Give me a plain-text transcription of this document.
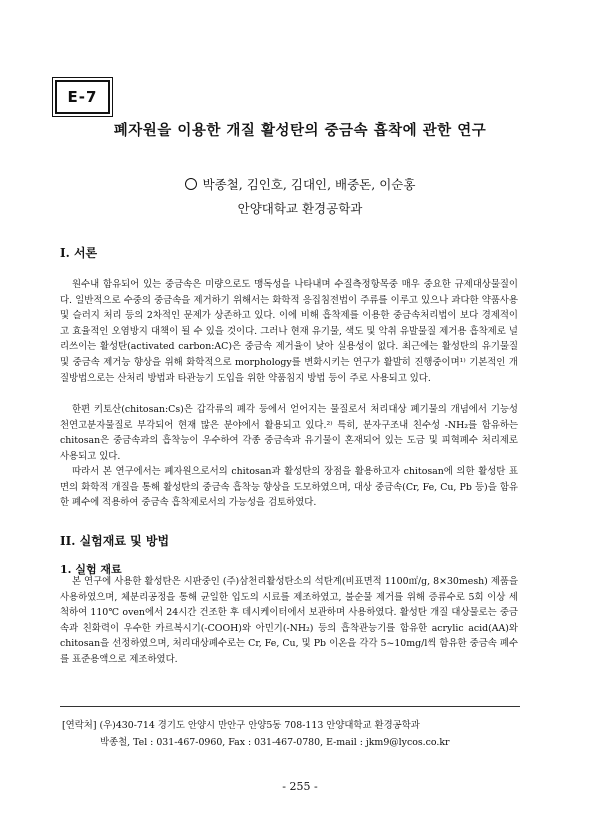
E-7
폐자원을 이용한 개질 활성탄의 중금속 흡착에 관한 연구
박종철, 김인호, 김대인, 배중돈, 이순홍
안양대학교 환경공학과
I. 서론

원수내 함유되어 있는 중금속은 미량으로도 맹독성을 나타내며 수질측정항목중 매우 중요한 규제대상물질이다. 일반적으로 수중의 중금속을 제거하기 위해서는 화학적 응집침전법이 주류를 이루고 있으나 과다한 약품사용 및 슬러지 처리 등의 2차적인 문제가 상존하고 있다. 이에 비해 흡착제를 이용한 중금속처리법이 보다 경제적이고 효율적인 오염방지 대책이 될 수 있을 것이다. 그러나 현재 유기물, 색도 및 악취 유발물질 제거용 흡착제로 널리쓰이는 활성탄(activated carbon:AC)은 중금속 제거율이 낮아 실용성이 없다. 최근에는 활성탄의 유기물질 및 중금속 제거능 향상을 위해 화학적으로 morphology를 변화시키는 연구가 활발히 진행중이며¹⁾ 기본적인 개질방법으로는 산처리 방법과 타관능기 도입을 위한 약품침지 방법 등이 주로 사용되고 있다.

한편 키토산(chitosan:Cs)은 갑각류의 폐각 등에서 얻어지는 물질로서 처리대상 폐기물의 개념에서 기능성 천연고분자물질로 부각되어 현재 많은 분야에서 활용되고 있다.²⁾ 특히, 분자구조내 친수성 -NH₂를 함유하는 chitosan은 중금속과의 흡착능이 우수하여 각종 중금속과 유기물이 혼재되어 있는 도금 및 피혁폐수 처리제로 사용되고 있다.

따라서 본 연구에서는 폐자원으로서의 chitosan과 활성탄의 장점을 활용하고자 chitosan에 의한 활성탄 표면의 화학적 개질을 통해 활성탄의 중금속 흡착능 향상을 도모하였으며, 대상 중금속(Cr, Fe, Cu, Pb 등)을 함유한 폐수에 적용하여 중금속 흡착제로서의 가능성을 검토하였다.

II. 실험재료 및 방법
1. 실험 재료

본 연구에 사용한 활성탄은 시판중인 (주)삼천리활성탄소의 석탄계(비표면적 1100㎡/g, 8×30mesh) 제품을 사용하였으며, 체분리공정을 통해 균일한 입도의 시료를 제조하였고, 불순물 제거를 위해 증류수로 5회 이상 세척하여 110℃ oven에서 24시간 건조한 후 데시케이터에서 보관하며 사용하였다. 활성탄 개질 대상물로는 중금속과 친화력이 우수한 카르복시기(-COOH)와 아민기(-NH₂) 등의 흡착관능기를 함유한 acrylic acid(AA)와 chitosan을 선정하였으며, 처리대상폐수로는 Cr, Fe, Cu, 및 Pb 이온을 각각 5~10mg/l씩 함유한 중금속 폐수를 표준용액으로 제조하였다.

[연락처] (우)430-714 경기도 안양시 만안구 안양5동 708-113 안양대학교 환경공학과
박종철, Tel : 031-467-0960, Fax : 031-467-0780, E-mail : jkm9@lycos.co.kr
- 255 -
